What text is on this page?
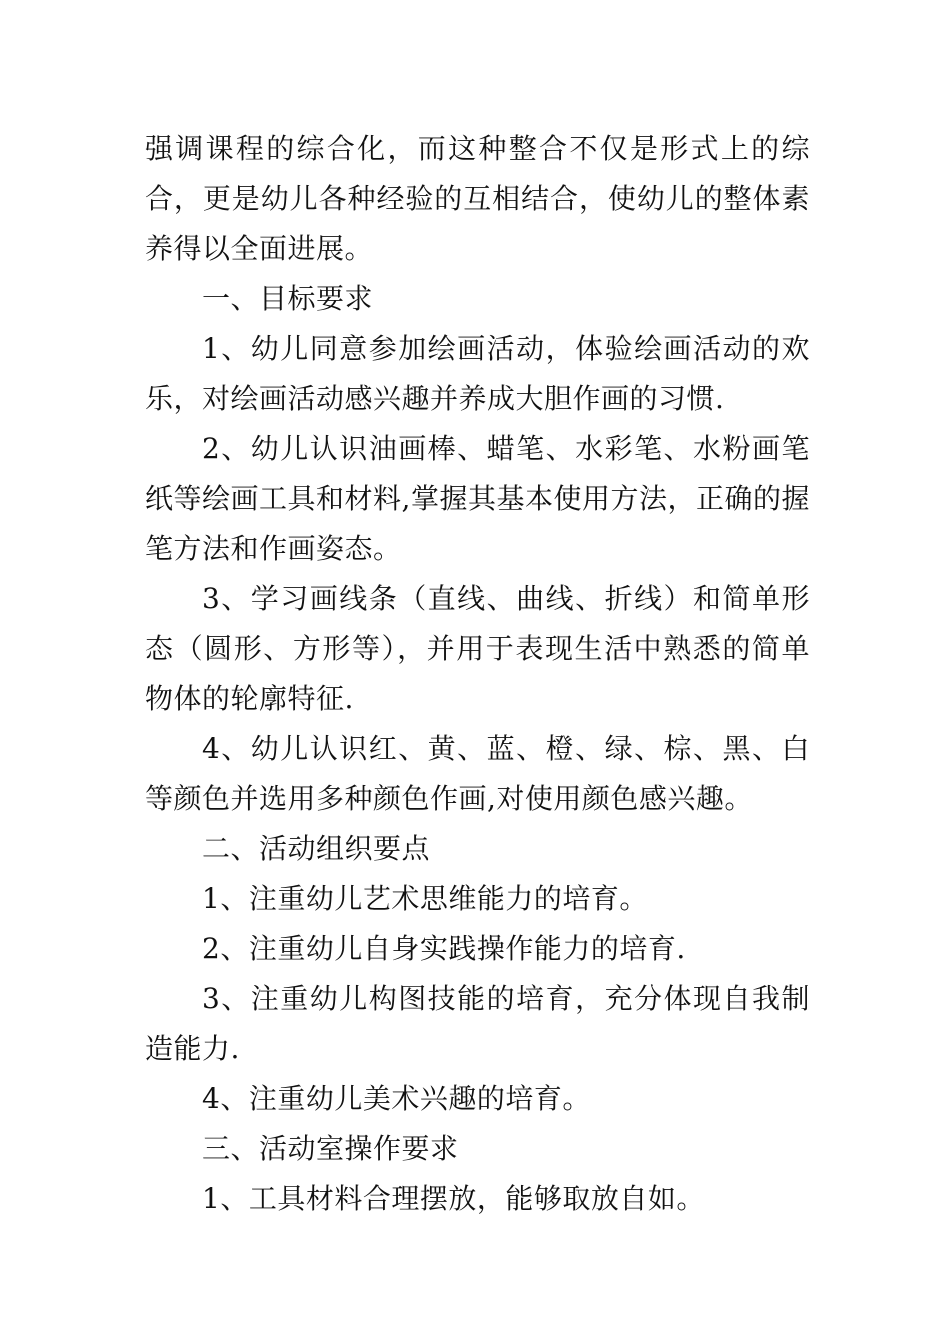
强调课程的综合化，而这种整合不仅是形式上的综合，更是幼儿各种经验的互相结合，使幼儿的整体素养得以全面进展。

一、目标要求

1、幼儿同意参加绘画活动，体验绘画活动的欢乐，对绘画活动感兴趣并养成大胆作画的习惯.

2、幼儿认识油画棒、蜡笔、水彩笔、水粉画笔纸等绘画工具和材料,掌握其基本使用方法，正确的握笔方法和作画姿态。

3、学习画线条（直线、曲线、折线）和简单形态（圆形、方形等），并用于表现生活中熟悉的简单物体的轮廓特征.

4、幼儿认识红、黄、蓝、橙、绿、棕、黑、白等颜色并选用多种颜色作画,对使用颜色感兴趣。

二、活动组织要点

1、注重幼儿艺术思维能力的培育。

2、注重幼儿自身实践操作能力的培育.

3、注重幼儿构图技能的培育，充分体现自我制造能力.

4、注重幼儿美术兴趣的培育。

三、活动室操作要求

1、工具材料合理摆放，能够取放自如。
